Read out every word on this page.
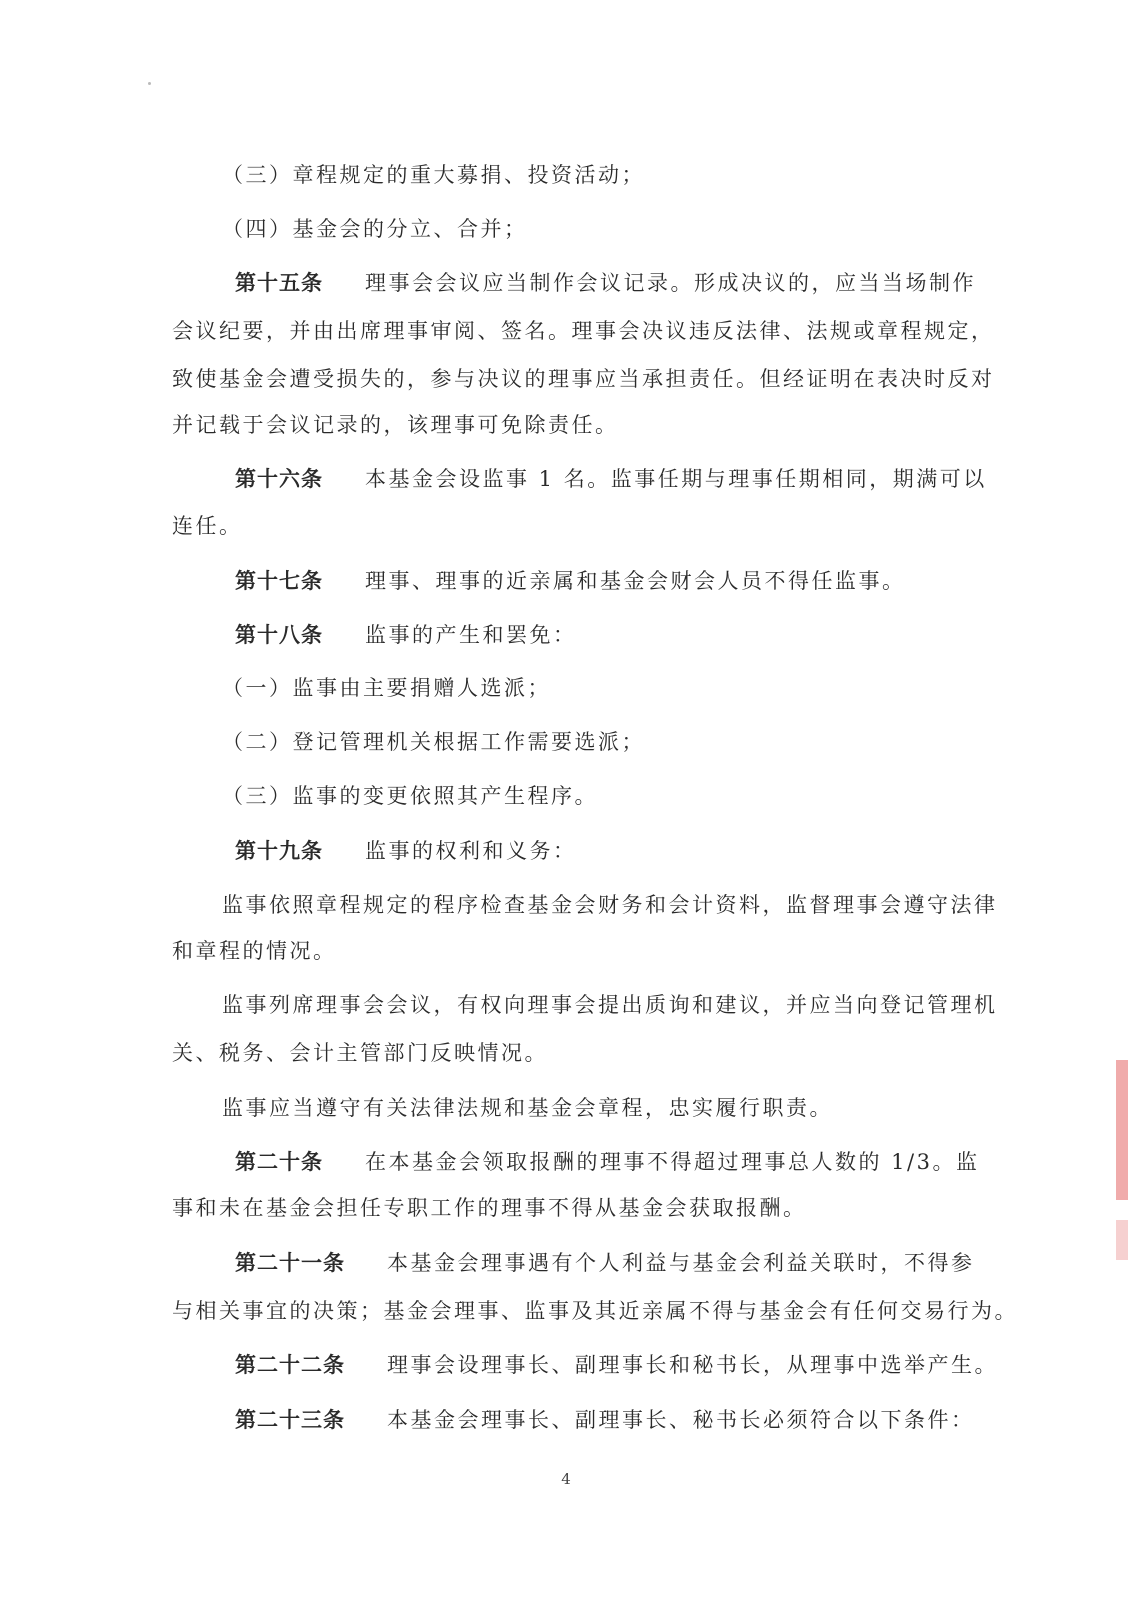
（三）章程规定的重大募捐、投资活动；
（四）基金会的分立、合并；
第十五条 理事会会议应当制作会议记录。形成决议的，应当当场制作
会议纪要，并由出席理事审阅、签名。理事会决议违反法律、法规或章程规定，
致使基金会遭受损失的，参与决议的理事应当承担责任。但经证明在表决时反对
并记载于会议记录的，该理事可免除责任。
第十六条 本基金会设监事 1 名。监事任期与理事任期相同，期满可以
连任。
第十七条 理事、理事的近亲属和基金会财会人员不得任监事。
第十八条 监事的产生和罢免：
（一）监事由主要捐赠人选派；
（二）登记管理机关根据工作需要选派；
（三）监事的变更依照其产生程序。
第十九条 监事的权利和义务：
监事依照章程规定的程序检查基金会财务和会计资料，监督理事会遵守法律
和章程的情况。
监事列席理事会会议，有权向理事会提出质询和建议，并应当向登记管理机
关、税务、会计主管部门反映情况。
监事应当遵守有关法律法规和基金会章程，忠实履行职责。
第二十条 在本基金会领取报酬的理事不得超过理事总人数的 1/3。监
事和未在基金会担任专职工作的理事不得从基金会获取报酬。
第二十一条 本基金会理事遇有个人利益与基金会利益关联时，不得参
与相关事宜的决策；基金会理事、监事及其近亲属不得与基金会有任何交易行为。
第二十二条 理事会设理事长、副理事长和秘书长，从理事中选举产生。
第二十三条 本基金会理事长、副理事长、秘书长必须符合以下条件：
4
